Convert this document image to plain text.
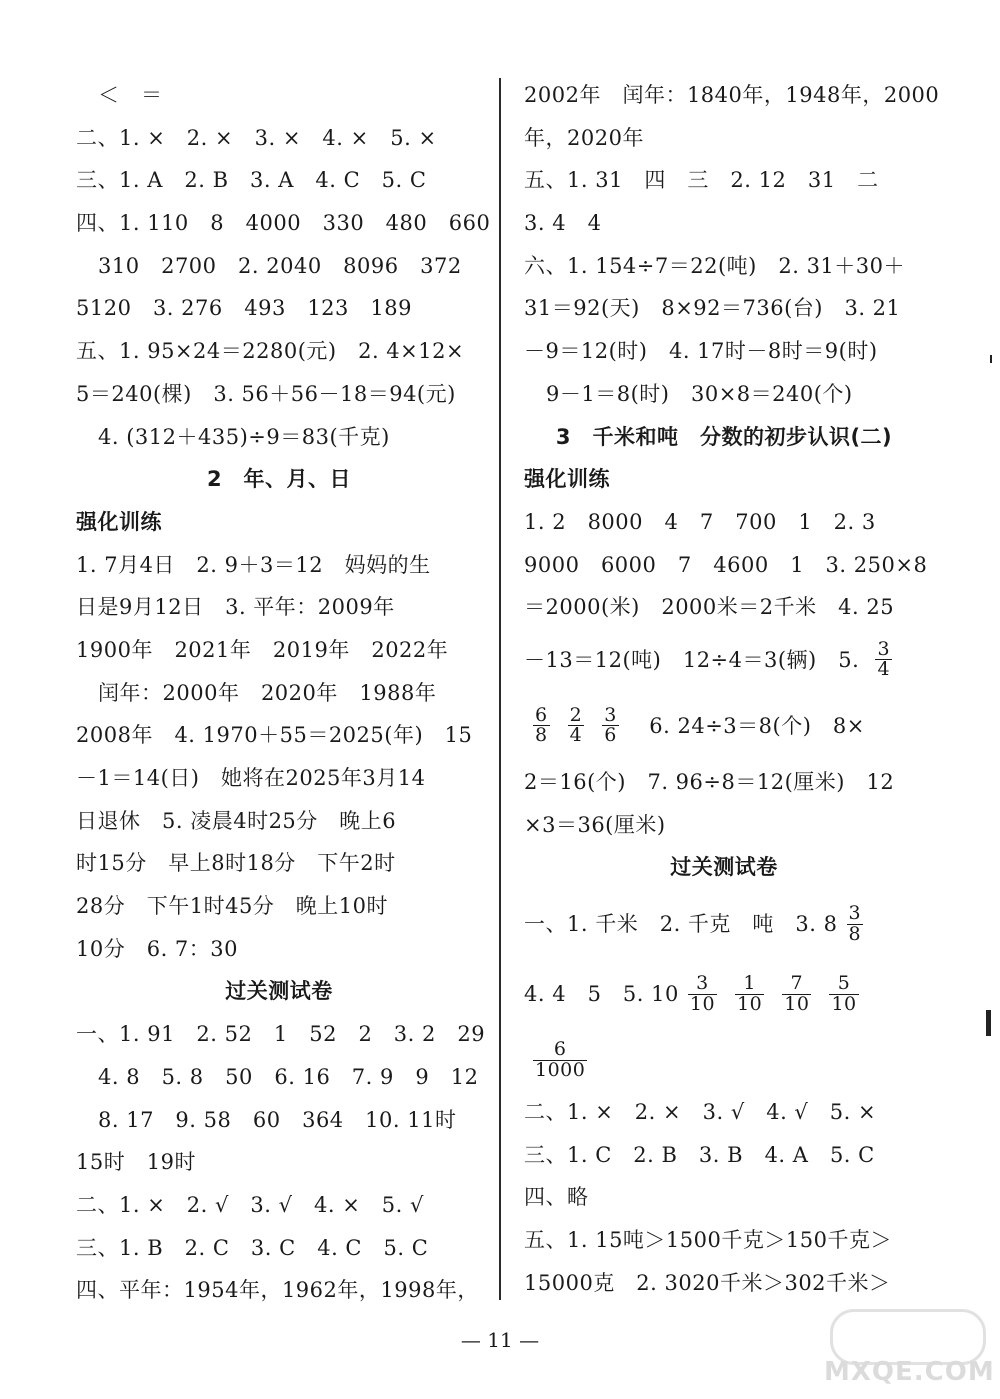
＜　＝
二、1. ×　2. ×　3. ×　4. ×　5. ×
三、1. A　2. B　3. A　4. C　5. C
四、1. 110　8　4000　330　480　660
310　2700　2. 2040　8096　372
5120　3. 276　493　123　189
五、1. 95×24＝2280(元)　2. 4×12×
5＝240(棵)　3. 56＋56－18＝94(元)
4. (312＋435)÷9＝83(千克)
2　年、月、日
强化训练
1. 7月4日　2. 9＋3＝12　妈妈的生
日是9月12日　3. 平年：2009年
1900年　2021年　2019年　2022年
闰年：2000年　2020年　1988年
2008年　4. 1970＋55＝2025(年)　15
－1＝14(日)　她将在2025年3月14
日退休　5. 凌晨4时25分　晚上6
时15分　早上8时18分　下午2时
28分　下午1时45分　晚上10时
10分　6. 7：30
过关测试卷
一、1. 91　2. 52　1　52　2　3. 2　29
4. 8　5. 8　50　6. 16　7. 9　9　12
8. 17　9. 58　60　364　10. 11时
15时　19时
二、1. ×　2. √　3. √　4. ×　5. √
三、1. B　2. C　3. C　4. C　5. C
四、平年：1954年，1962年，1998年，
2002年　闰年：1840年，1948年，2000
年，2020年
五、1. 31　四　三　2. 12　31　二
3. 4　4
六、1. 154÷7＝22(吨)　2. 31＋30＋
31＝92(天)　8×92＝736(台)　3. 21
－9＝12(时)　4. 17时－8时＝9(时)
9－1＝8(时)　30×8＝240(个)
3　千米和吨　分数的初步认识(二)
强化训练
1. 2　8000　4　7　700　1　2. 3
9000　6000　7　4600　1　3. 250×8
＝2000(米)　2000米＝2千米　4. 25
－13＝12(吨)　12÷4＝3(辆)　5. $\frac{3}{4}$
$\frac{6}{8} \frac{2}{4} \frac{3}{6}$ 　6. 24÷3＝8(个)　8×
2＝16(个)　7. 96÷8＝12(厘米)　12
×3＝36(厘米)
过关测试卷
一、1. 千米　2. 千克　吨　3. $8 \frac{3}{8}$
4. 4　5　5. $10 \frac{3}{10} \frac{1}{10} \frac{7}{10} \frac{5}{10}$
$\frac{6}{1000}$
二、1. ×　2. ×　3. √　4. √　5. ×
三、1. C　2. B　3. B　4. A　5. C
四、略
五、1. 15吨＞1500千克＞150千克＞
15000克　2. 3020千米＞302千米＞
— 11 —
MXQE.COM
